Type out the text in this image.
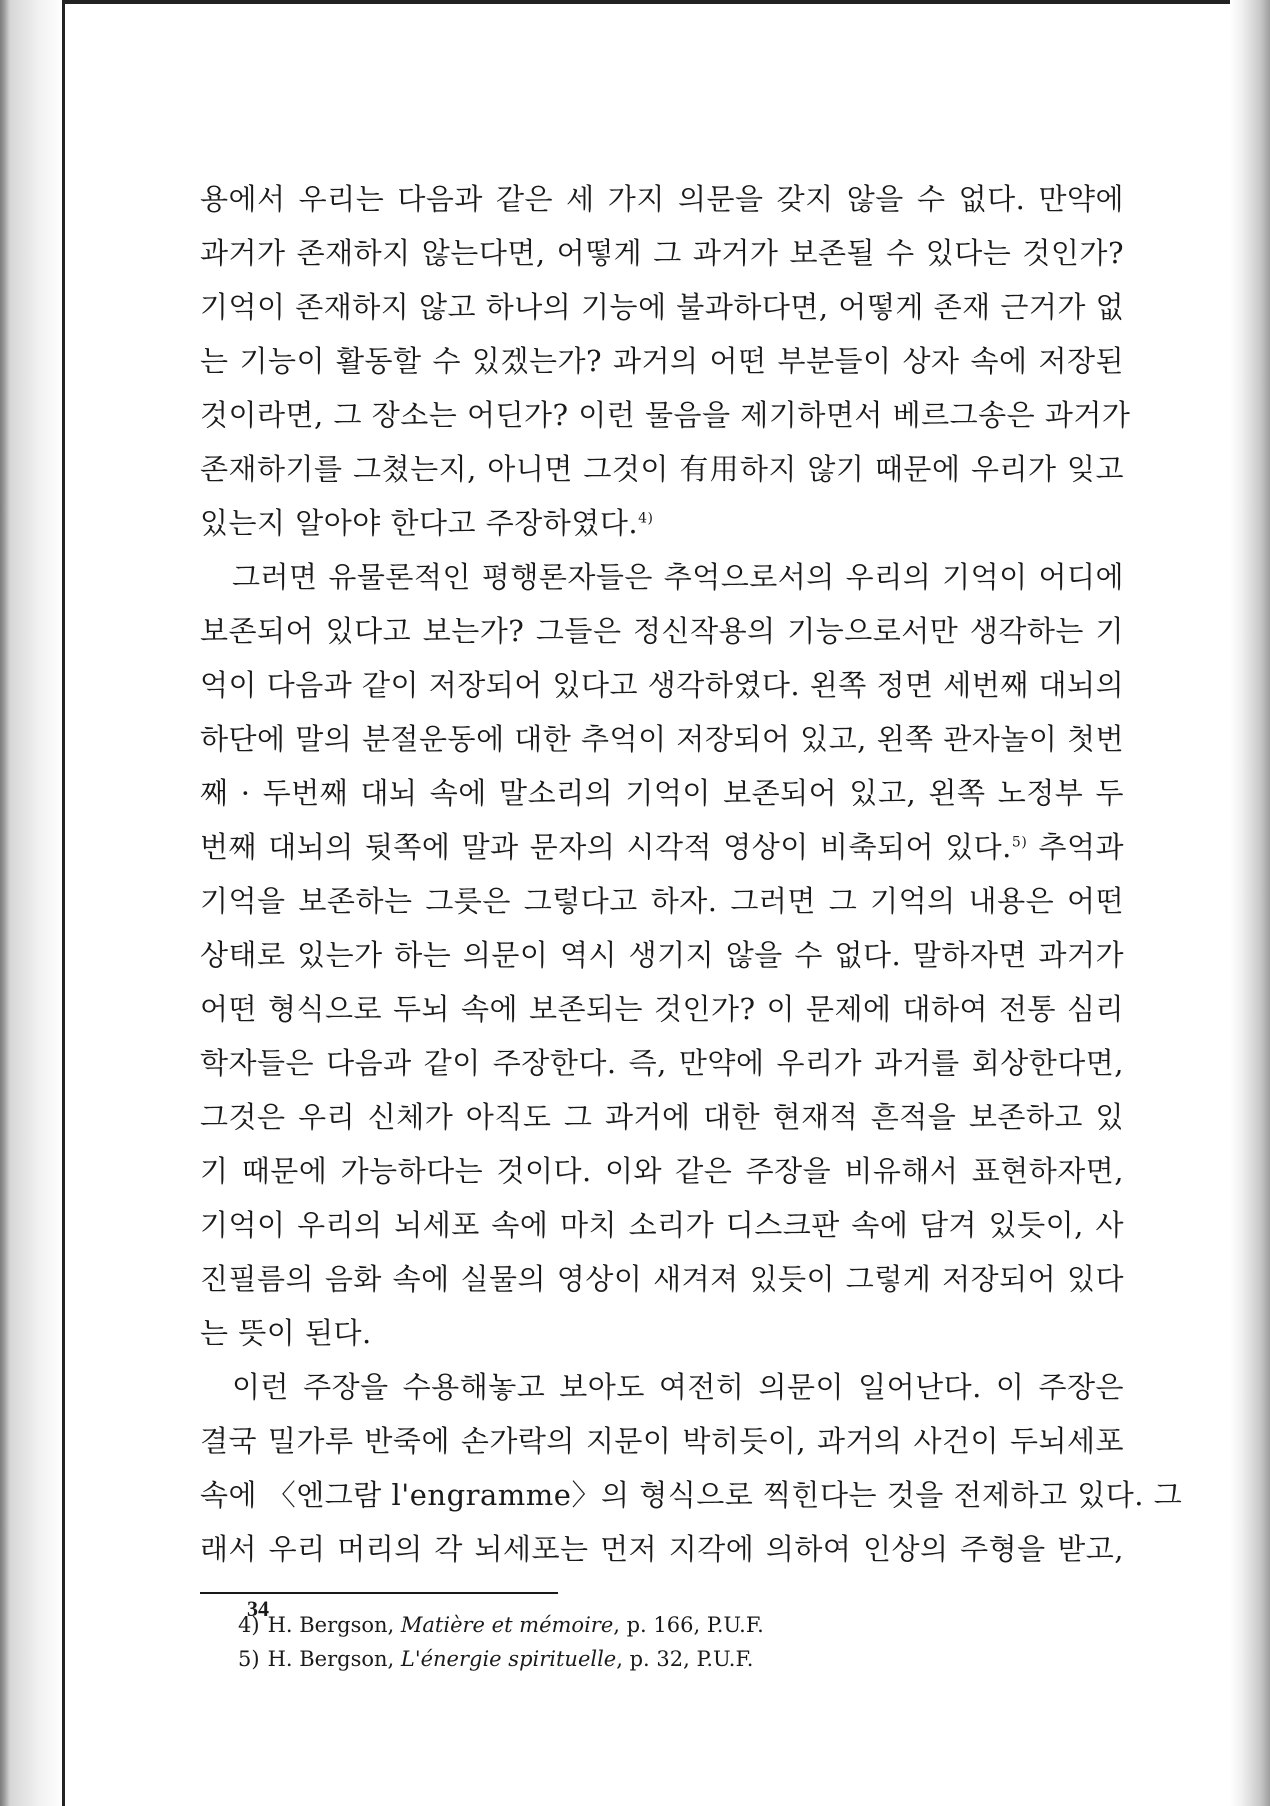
용에서 우리는 다음과 같은 세 가지 의문을 갖지 않을 수 없다. 만약에
과거가 존재하지 않는다면, 어떻게 그 과거가 보존될 수 있다는 것인가?
기억이 존재하지 않고 하나의 기능에 불과하다면, 어떻게 존재 근거가 없
는 기능이 활동할 수 있겠는가? 과거의 어떤 부분들이 상자 속에 저장된
것이라면, 그 장소는 어딘가? 이런 물음을 제기하면서 베르그송은 과거가
존재하기를 그쳤는지, 아니면 그것이 有用하지 않기 때문에 우리가 잊고
있는지 알아야 한다고 주장하였다.$^{4)}$
그러면 유물론적인 평행론자들은 추억으로서의 우리의 기억이 어디에
보존되어 있다고 보는가? 그들은 정신작용의 기능으로서만 생각하는 기
억이 다음과 같이 저장되어 있다고 생각하였다. 왼쪽 정면 세번째 대뇌의
하단에 말의 분절운동에 대한 추억이 저장되어 있고, 왼쪽 관자놀이 첫번
째 · 두번째 대뇌 속에 말소리의 기억이 보존되어 있고, 왼쪽 노정부 두
번째 대뇌의 뒷쪽에 말과 문자의 시각적 영상이 비축되어 있다.$^{5)}$ 추억과
기억을 보존하는 그릇은 그렇다고 하자. 그러면 그 기억의 내용은 어떤
상태로 있는가 하는 의문이 역시 생기지 않을 수 없다. 말하자면 과거가
어떤 형식으로 두뇌 속에 보존되는 것인가? 이 문제에 대하여 전통 심리
학자들은 다음과 같이 주장한다. 즉, 만약에 우리가 과거를 회상한다면,
그것은 우리 신체가 아직도 그 과거에 대한 현재적 흔적을 보존하고 있
기 때문에 가능하다는 것이다. 이와 같은 주장을 비유해서 표현하자면,
기억이 우리의 뇌세포 속에 마치 소리가 디스크판 속에 담겨 있듯이, 사
진필름의 음화 속에 실물의 영상이 새겨져 있듯이 그렇게 저장되어 있다
는 뜻이 된다.
이런 주장을 수용해놓고 보아도 여전히 의문이 일어난다. 이 주장은
결국 밀가루 반죽에 손가락의 지문이 박히듯이, 과거의 사건이 두뇌세포
속에 〈엔그람 l'engramme〉의 형식으로 찍힌다는 것을 전제하고 있다. 그
래서 우리 머리의 각 뇌세포는 먼저 지각에 의하여 인상의 주형을 받고,
4) H. Bergson, Matière et mémoire, p. 166, P.U.F.
5) H. Bergson, L'énergie spirituelle, p. 32, P.U.F.
34
